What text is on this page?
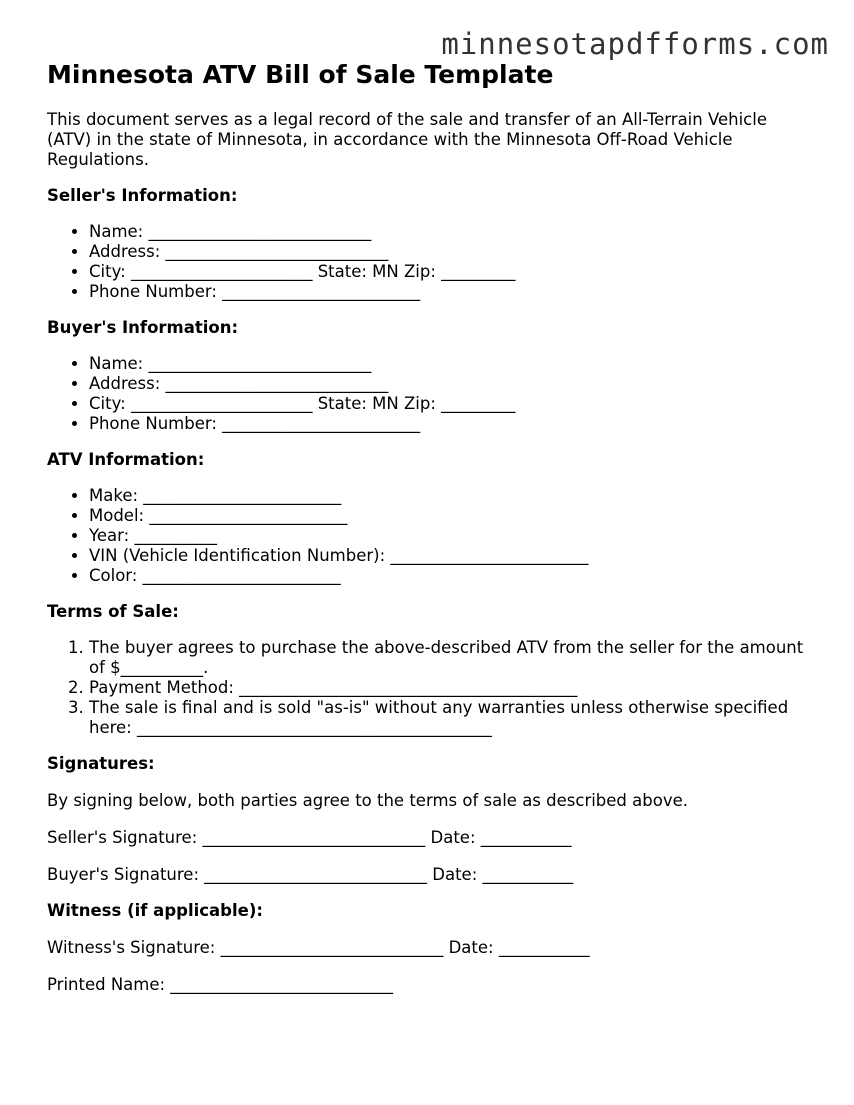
minnesotapdfforms.com
Minnesota ATV Bill of Sale Template

This document serves as a legal record of the sale and transfer of an All-Terrain Vehicle (ATV) in the state of Minnesota, in accordance with the Minnesota Off-Road Vehicle Regulations.

Seller's Information:
• Name: ___________________________
• Address: ___________________________
• City: ______________________ State: MN Zip: _________
• Phone Number: ________________________
Buyer's Information:
• Name: ___________________________
• Address: ___________________________
• City: ______________________ State: MN Zip: _________
• Phone Number: ________________________
ATV Information:
• Make: ________________________
• Model: ________________________
• Year: __________
• VIN (Vehicle Identification Number): ________________________
• Color: ________________________
Terms of Sale:
1. The buyer agrees to purchase the above-described ATV from the seller for the amount of $__________.
2. Payment Method: _________________________________________
3. The sale is final and is sold "as-is" without any warranties unless otherwise specified here: ___________________________________________
Signatures:

By signing below, both parties agree to the terms of sale as described above.

Seller's Signature: ___________________________ Date: ___________

Buyer's Signature: ___________________________ Date: ___________

Witness (if applicable):

Witness's Signature: ___________________________ Date: ___________

Printed Name: ___________________________
